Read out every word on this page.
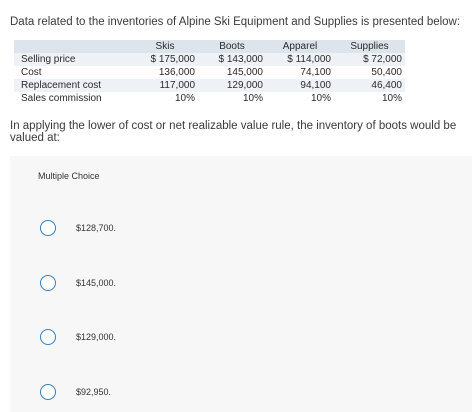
Data related to the inventories of Alpine Ski Equipment and Supplies is presented below:
	Skis	Boots	Apparel	Supplies
Selling price	$ 175,000	$ 143,000	$ 114,000	$ 72,000
Cost	136,000	145,000	74,100	50,400
Replacement cost	117,000	129,000	94,100	46,400
Sales commission	10%	10%	10%	10%
In applying the lower of cost or net realizable value rule, the inventory of boots would be valued at:
Multiple Choice
$128,700.
$145,000.
$129,000.
$92,950.
